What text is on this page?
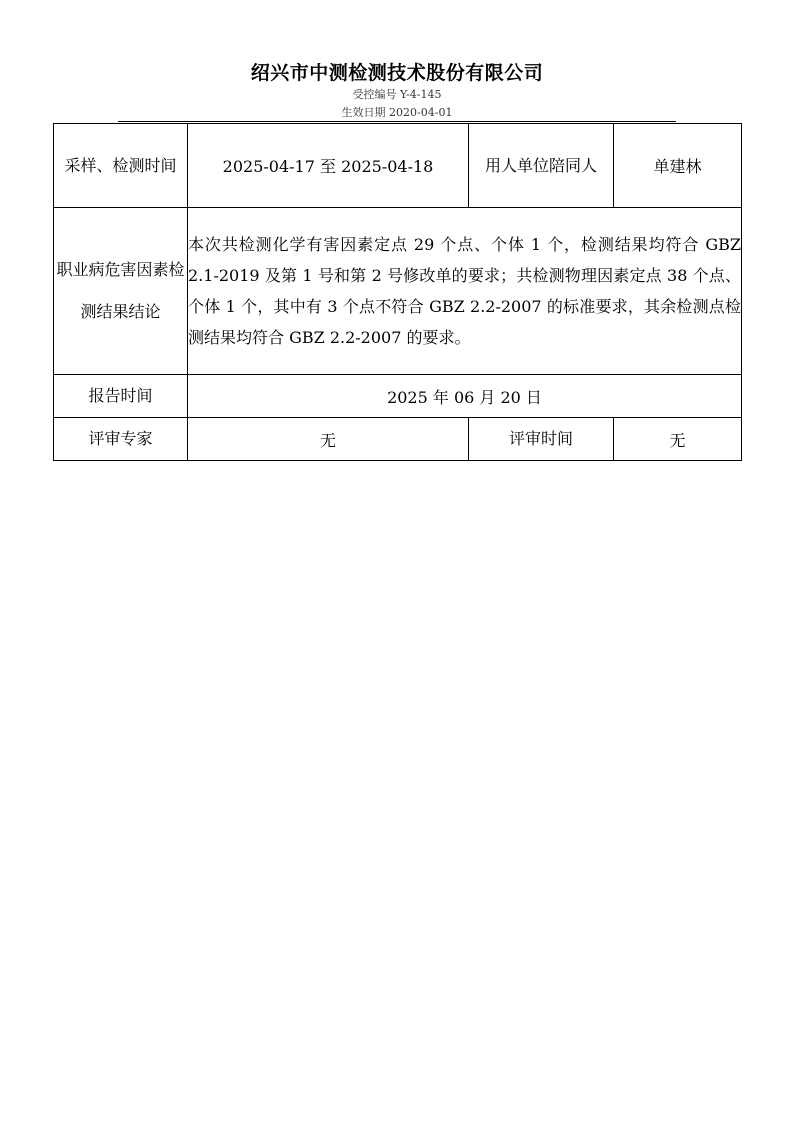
绍兴市中测检测技术股份有限公司
受控编号 Y-4-145
生效日期 2020-04-01
采样、检测时间	2025-04-17 至 2025-04-18	用人单位陪同人	单建林
职业病危害因素检测结果结论	本次共检测化学有害因素定点 29 个点、个体 1 个，检测结果均符合 GBZ 2.1-2019 及第 1 号和第 2 号修改单的要求；共检测物理因素定点 38 个点、个体 1 个，其中有 3 个点不符合 GBZ 2.2-2007 的标准要求，其余检测点检测结果均符合 GBZ 2.2-2007 的要求。		
报告时间	2025 年 06 月 20 日		
评审专家	无	评审时间	无
